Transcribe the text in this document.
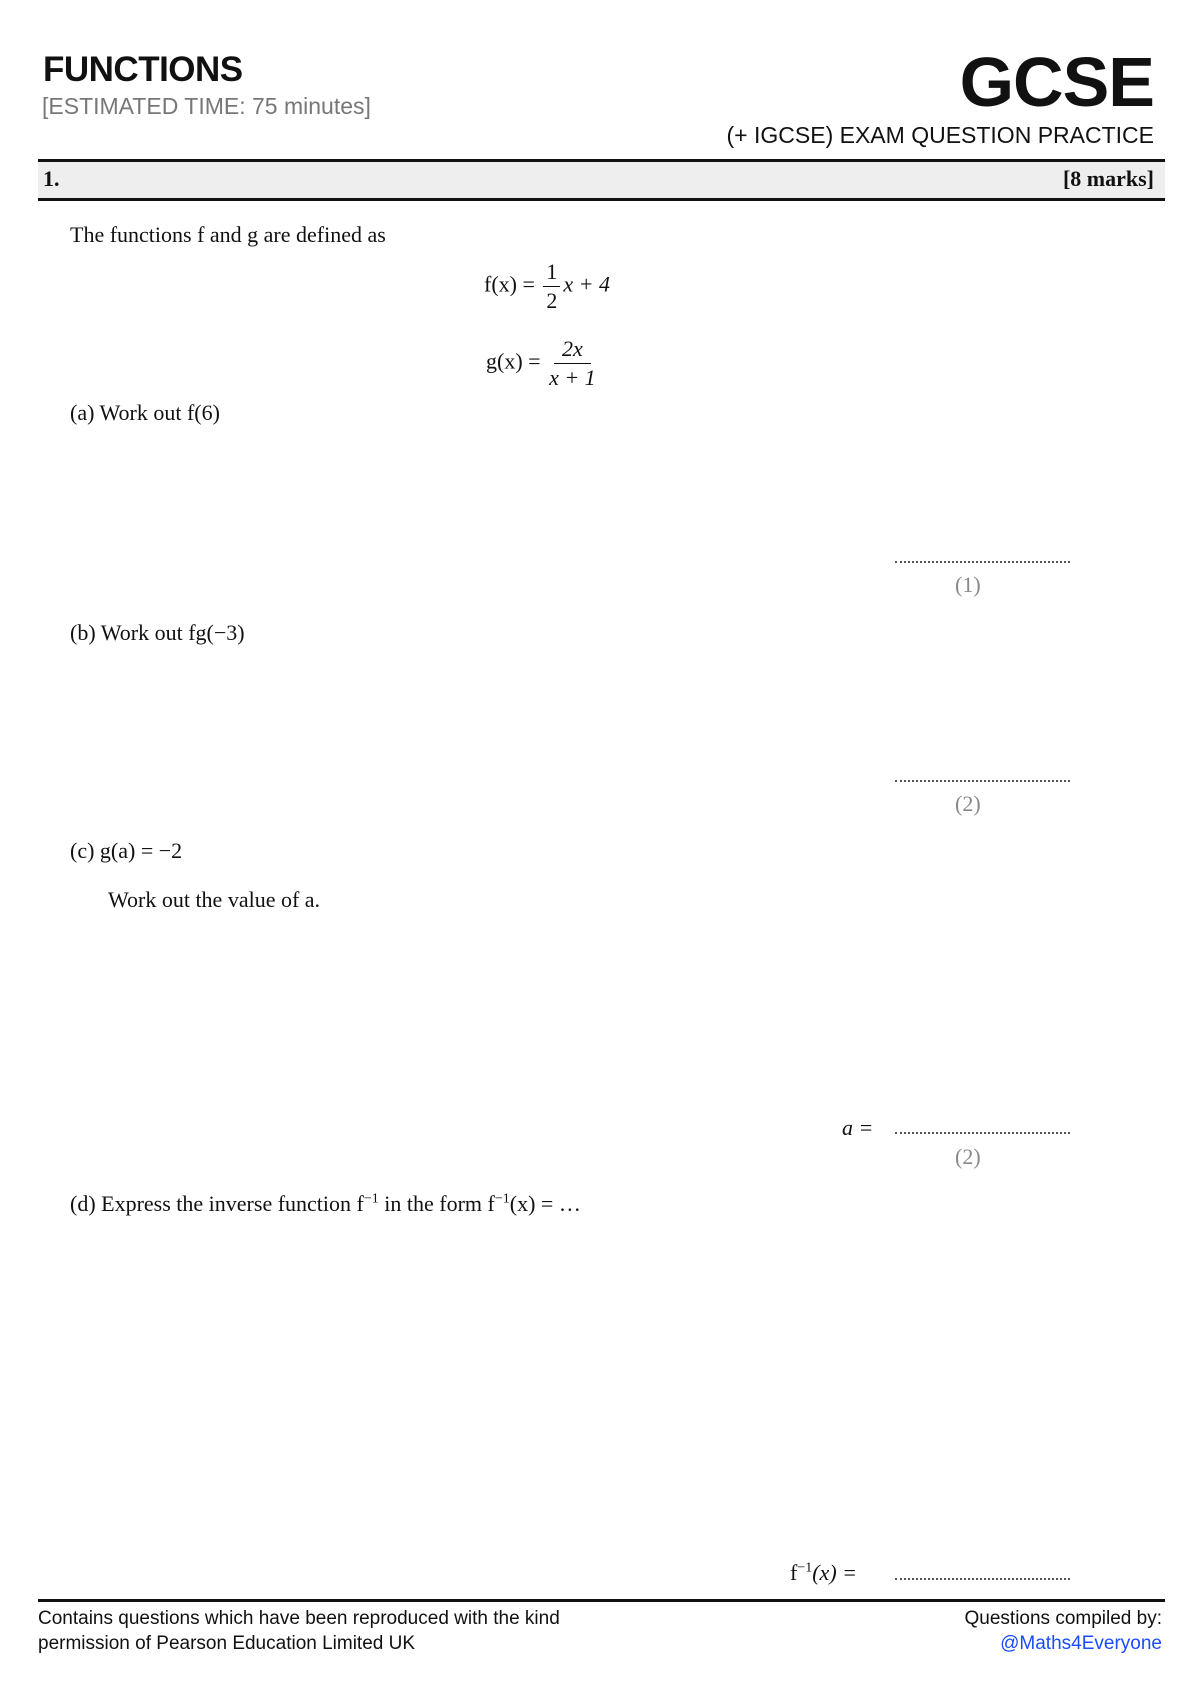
FUNCTIONS
[ESTIMATED TIME: 75 minutes]	GCSE
(+ IGCSE) EXAM QUESTION PRACTICE
1.	[8 marks]
The functions f and g are defined as
$f(x) = \frac{1}{2}$ x + 4
$g(x) = \frac{2x}{x + 1}$
(a) Work out f(6)
(1)
(b) Work out fg(−3)
(2)
(c) g(a) = −2
Work out the value of a.
a =
(2)
(d) Express the inverse function $f^{-1}$ in the form $f^{-1}(x)$ = …
$f^{-1}(x)$ =
Contains questions which have been reproduced with the kind
permission of Pearson Education Limited UK
Questions compiled by:
@Maths4Everyone
